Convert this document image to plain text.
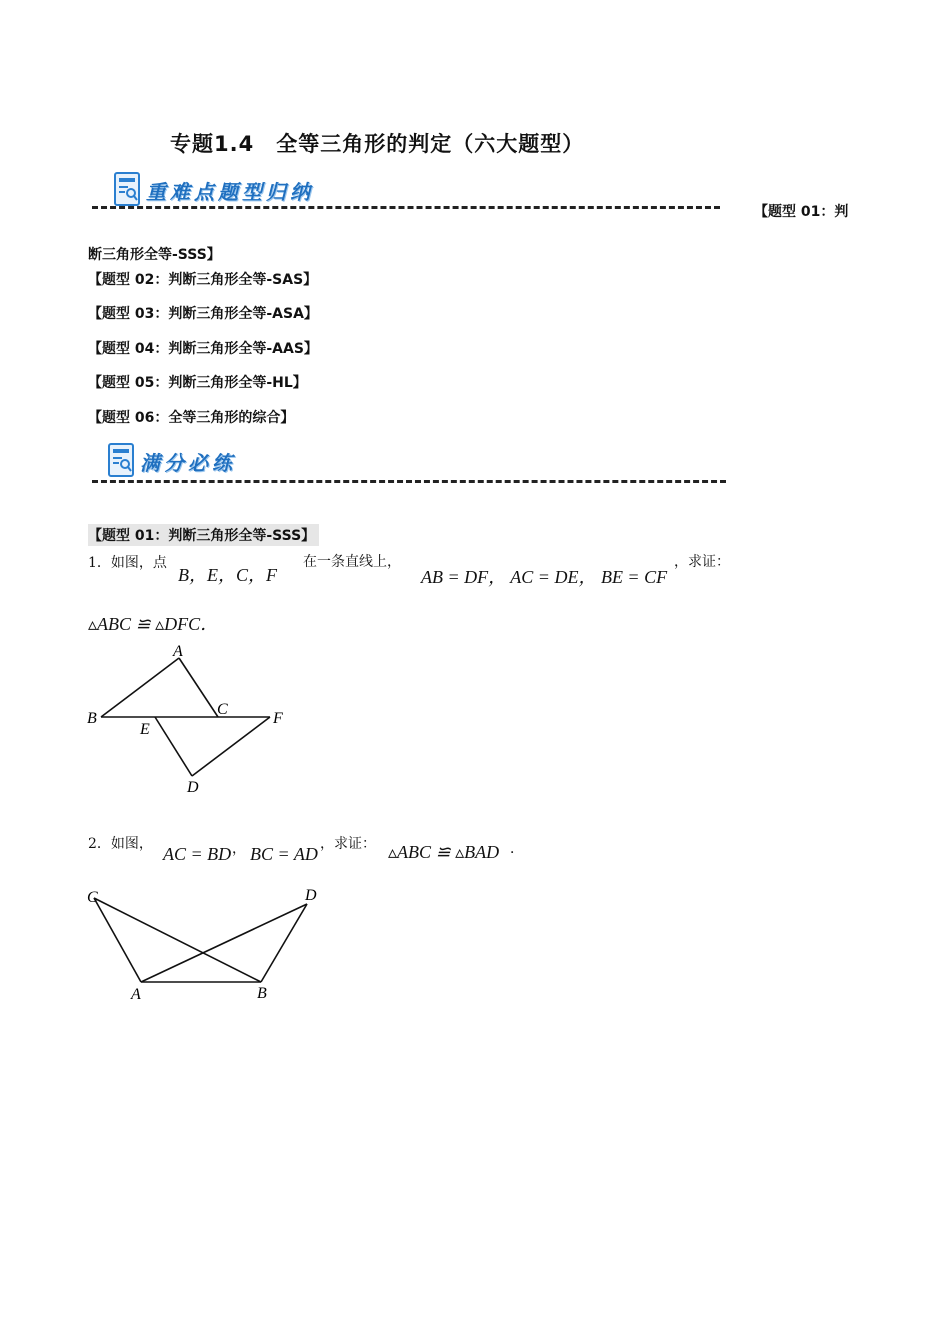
专题1.4　全等三角形的判定（六大题型）
重难点题型归纳
【题型 01：判
断三角形全等-SSS】
【题型 02：判断三角形全等-SAS】
【题型 03：判断三角形全等-ASA】
【题型 04：判断三角形全等-AAS】
【题型 05：判断三角形全等-HL】
【题型 06：全等三角形的综合】
满分必练
【题型 01：判断三角形全等-SSS】
1．如图，点
B，E，C，F
在一条直线上，
AB = DF， AC = DE， BE = CF
，求证：
▵ABC ≌ ▵DFC．
A
B
C
E
F
D
2．如图， AC = BD ， BC = AD ，求证： ▵ABC ≌ ▵BAD ．
C	D
A	B
